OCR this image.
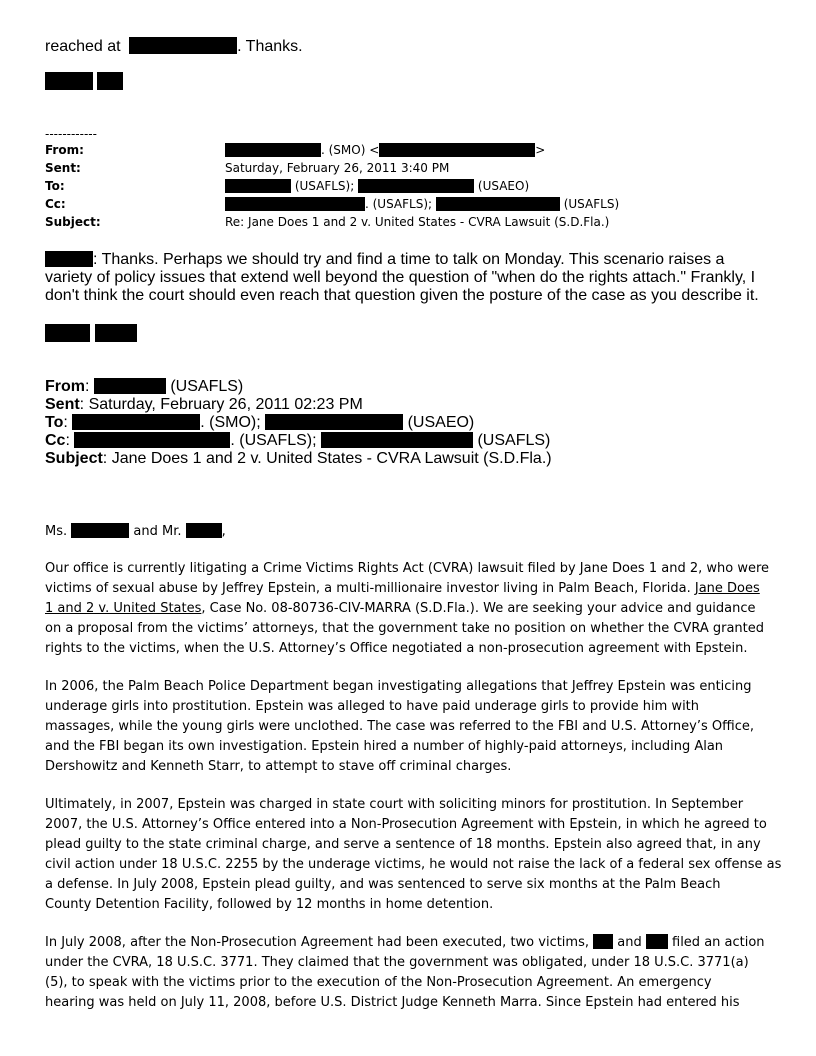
reached at	. Thanks.
------------
From:	. (SMO) <	>
Sent:	Saturday, February 26, 2011 3:40 PM
To:	(USAFLS);	(USAEO)
Cc:	. (USAFLS);	(USAFLS)
Subject:	Re: Jane Does 1 and 2 v. United States - CVRA Lawsuit (S.D.Fla.)
: Thanks. Perhaps we should try and find a time to talk on Monday. This scenario raises a
variety of policy issues that extend well beyond the question of "when do the rights attach." Frankly, I
don't think the court should even reach that question given the posture of the case as you describe it.
From:	(USAFLS)
Sent: Saturday, February 26, 2011 02:23 PM
To:	. (SMO);	(USAEO)
Cc:	. (USAFLS);	(USAFLS)
Subject: Jane Does 1 and 2 v. United States - CVRA Lawsuit (S.D.Fla.)
Ms.	and Mr.	,
Our office is currently litigating a Crime Victims Rights Act (CVRA) lawsuit filed by Jane Does 1 and 2, who were
victims of sexual abuse by Jeffrey Epstein, a multi-millionaire investor living in Palm Beach, Florida. Jane Does
1 and 2 v. United States, Case No. 08-80736-CIV-MARRA (S.D.Fla.). We are seeking your advice and guidance
on a proposal from the victims’ attorneys, that the government take no position on whether the CVRA granted
rights to the victims, when the U.S. Attorney’s Office negotiated a non-prosecution agreement with Epstein.
In 2006, the Palm Beach Police Department began investigating allegations that Jeffrey Epstein was enticing
underage girls into prostitution. Epstein was alleged to have paid underage girls to provide him with
massages, while the young girls were unclothed. The case was referred to the FBI and U.S. Attorney’s Office,
and the FBI began its own investigation. Epstein hired a number of highly-paid attorneys, including Alan
Dershowitz and Kenneth Starr, to attempt to stave off criminal charges.
Ultimately, in 2007, Epstein was charged in state court with soliciting minors for prostitution. In September
2007, the U.S. Attorney’s Office entered into a Non-Prosecution Agreement with Epstein, in which he agreed to
plead guilty to the state criminal charge, and serve a sentence of 18 months. Epstein also agreed that, in any
civil action under 18 U.S.C. 2255 by the underage victims, he would not raise the lack of a federal sex offense as
a defense. In July 2008, Epstein plead guilty, and was sentenced to serve six months at the Palm Beach
County Detention Facility, followed by 12 months in home detention.
In July 2008, after the Non-Prosecution Agreement had been executed, two victims,  and  filed an action
under the CVRA, 18 U.S.C. 3771. They claimed that the government was obligated, under 18 U.S.C. 3771(a)
(5), to speak with the victims prior to the execution of the Non-Prosecution Agreement. An emergency
hearing was held on July 11, 2008, before U.S. District Judge Kenneth Marra. Since Epstein had entered his
